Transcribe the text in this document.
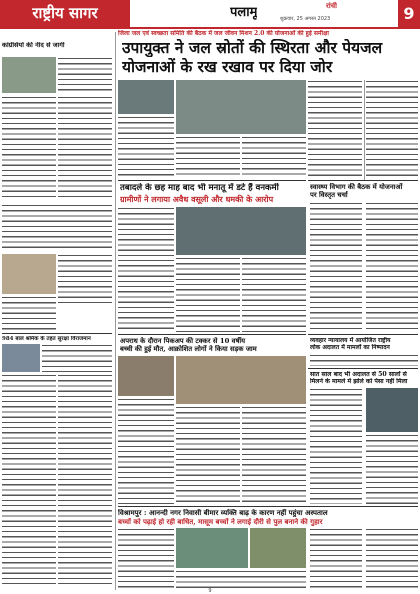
राष्ट्रीय सागर	पलामू	रांची
शुक्रवार, 25 अगस्त 2023	9
कांग्रेसियों की नींद से जागी
984 बाल श्रमिक के तहत सुरक्षा विराजमान
जिला जल एवं स्वच्छता समिति की बैठक में जल जीवन मिशन 2.0 की योजनाओं की हुई समीक्षा
उपायुक्त ने जल स्रोतों की स्थिरता और पेयजल
योजनाओं के रख रखाव पर दिया जोर
स्वास्थ्य विभाग की बैठक में योजनाओं
पर विस्तृत चर्चा
तबादले के छह माह बाद भी मनातू में डटे हैं वनकर्मी
ग्रामीणों ने लगाया अवैध वसूली और धमकी के आरोप
व्यवहार न्यायालय में आयोजित राष्ट्रीय
लोक अदालत में मामलों का निष्पादन
अपराध के दौरान पिकअप की टक्कर से 10 वर्षीय
बच्ची की हुई मौत, आक्रोशित लोगों ने किया सड़क जाम
सात साल बाद भी अदालत से 50 सालों से
मिलने के मामले में झोले को पेसा नहीं मिला
विश्रामपुर : आनन्दी नगर निवासी बीमार व्यक्ति बाढ़ के कारण नहीं पहुंचा अस्पताल
बच्चों को पढ़ाई हो रही बाधित, मासूम बच्चों ने लगाई दौरी से पुल बनाने की गुहार
9
